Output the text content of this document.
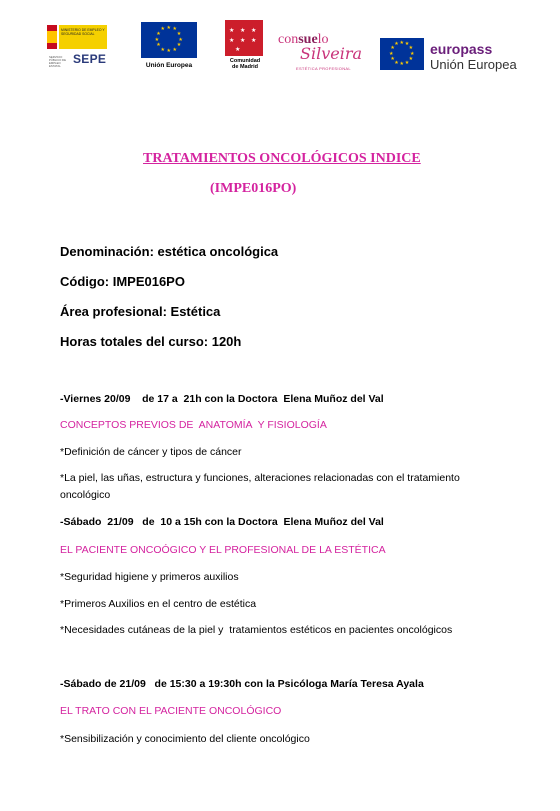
MINISTERIO DE EMPLEO Y SEGURIDAD SOCIAL
SERVICIO PÚBLICO DE EMPLEO ESTATAL	SEPE
★
★
★
★
★
★
★
★
★ ★ ★
★
Unión Europea
★ ★ ★
★ ★ ★
★
Comunidad
de Madrid
consuelo
Silveira
ESTÉTICA PROFESIONAL
★
★
★
★
★
★
★
★
★ ★ ★
★ europass
Unión Europea
TRATAMIENTOS ONCOLÓGICOS INDICE
(IMPE016PO)
Denominación: estética oncológica
Código: IMPE016PO
Área profesional: Estética
Horas totales del curso: 120h
-Viernes 20/09    de 17 a  21h con la Doctora  Elena Muñoz del Val
CONCEPTOS PREVIOS DE  ANATOMÍA  Y FISIOLOGÍA
*Definición de cáncer y tipos de cáncer
*La piel, las uñas, estructura y funciones, alteraciones relacionadas con el tratamiento oncológico
-Sábado  21/09   de  10 a 15h con la Doctora  Elena Muñoz del Val
EL PACIENTE ONCOÓGICO Y EL PROFESIONAL DE LA ESTÉTICA
*Seguridad higiene y primeros auxilios
*Primeros Auxilios en el centro de estética
*Necesidades cutáneas de la piel y  tratamientos estéticos en pacientes oncológicos
-Sábado de 21/09   de 15:30 a 19:30h con la Psicóloga María Teresa Ayala
EL TRATO CON EL PACIENTE ONCOLÓGICO
*Sensibilización y conocimiento del cliente oncológico
